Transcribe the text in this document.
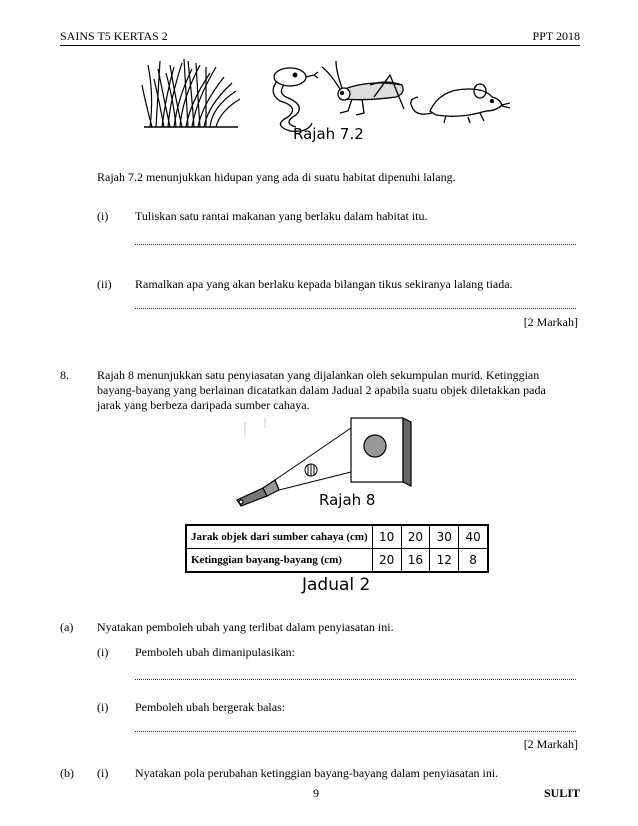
SAINS T5 KERTAS 2	PPT 2018
Rajah 7.2
Rajah 7.2 menunjukkan hidupan yang ada di suatu habitat dipenuhi lalang.
(i) Tuliskan satu rantai makanan yang berlaku dalam habitat itu.
(ii) Ramalkan apa yang akan berlaku kepada bilangan tikus sekiranya lalang tiada.
[2 Markah]
8. Rajah 8 menunjukkan satu penyiasatan yang dijalankan oleh sekumpulan murid. Ketinggian
bayang-bayang yang berlainan dicatatkan dalam Jadual 2 apabila suatu objek diletakkan pada
jarak yang berbeza daripada sumber cahaya.
Rajah 8
Jarak objek dari sumber cahaya (cm)	10	20	30	40
Ketinggian bayang-bayang (cm)	20	16	12	8
Jadual 2
(a) Nyatakan pemboleh ubah yang terlibat dalam penyiasatan ini.
(i) Pemboleh ubah dimanipulasikan:
(i) Pemboleh ubah bergerak balas:
[2 Markah]
(b) (i) Nyatakan pola perubahan ketinggian bayang-bayang dalam penyiasatan ini.
9	SULIT
